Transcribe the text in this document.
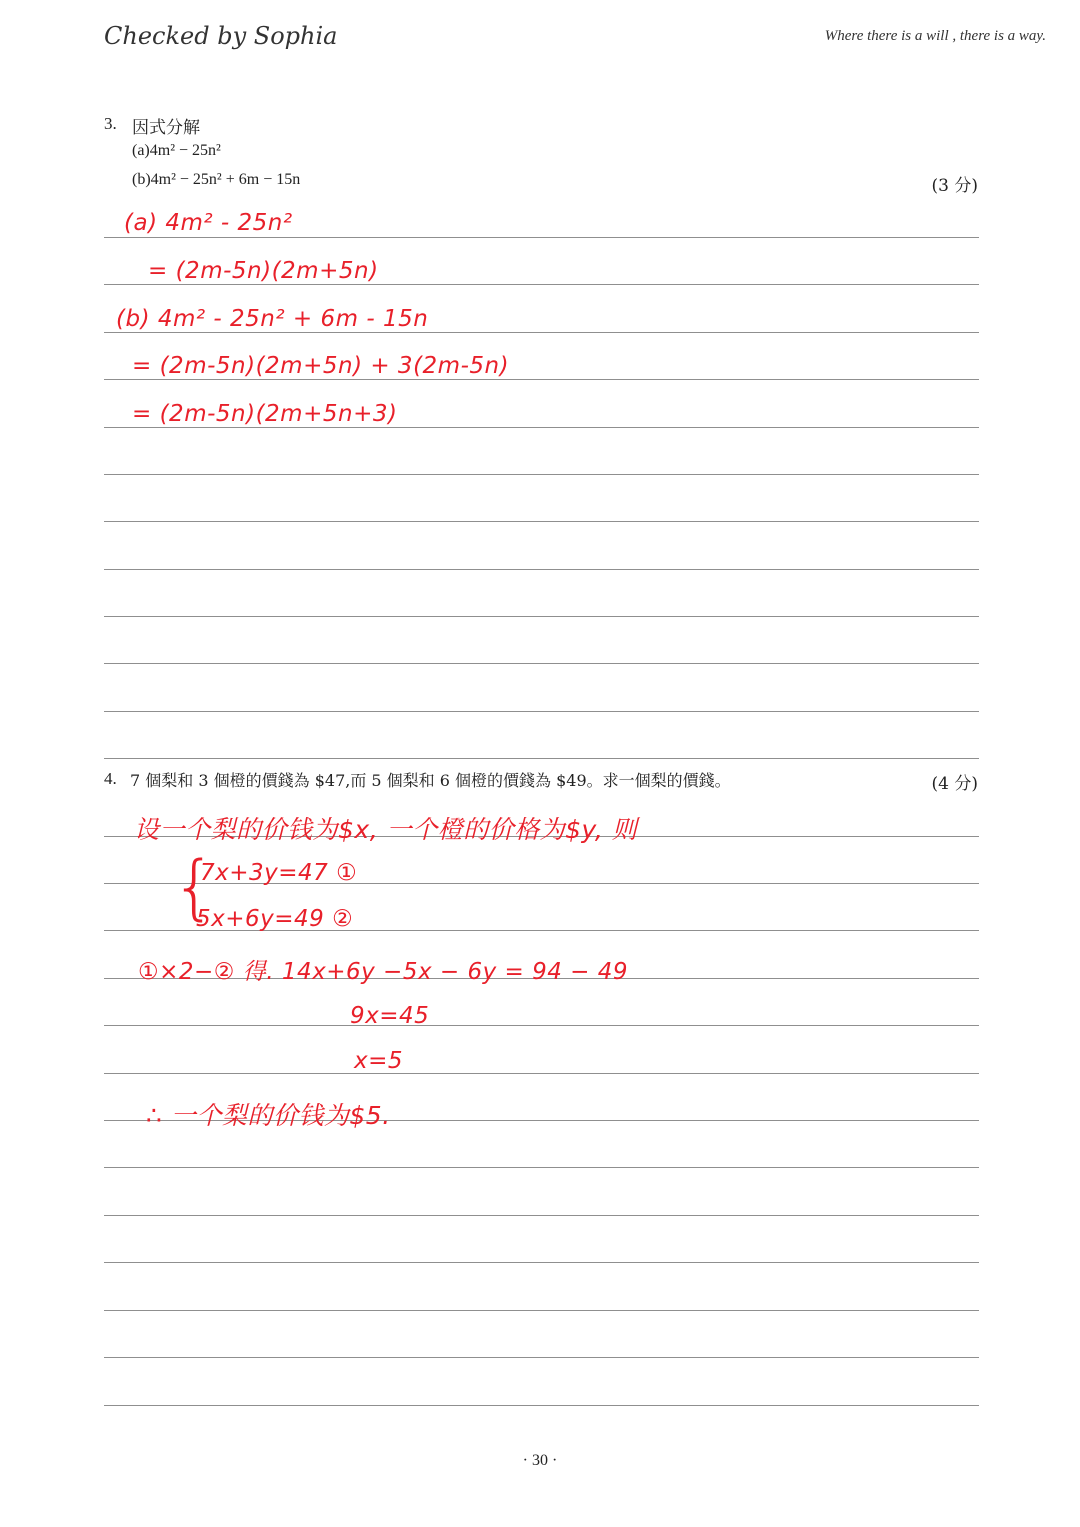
Checked by Sophia	Where there is a will , there is a way.
3. 因式分解
(a)4m² − 25n²
(b)4m² − 25n² + 6m − 15n	(3 分)
(a) 4m² - 25n²
= (2m-5n)(2m+5n)
(b) 4m² - 25n² + 6m - 15n
= (2m-5n)(2m+5n) + 3(2m-5n)
= (2m-5n)(2m+5n+3)
4. 7 個梨和 3 個橙的價錢為 $47,而 5 個梨和 6 個橙的價錢為 $49。求一個梨的價錢。	(4 分)
设一个梨的价钱为$x, 一个橙的价格为$y, 则
{
7x+3y=47 ①
5x+6y=49 ②
①×2−② 得. 14x+6y −5x − 6y = 94 − 49
9x=45
x=5
∴ 一个梨的价钱为$5.
· 30 ·
